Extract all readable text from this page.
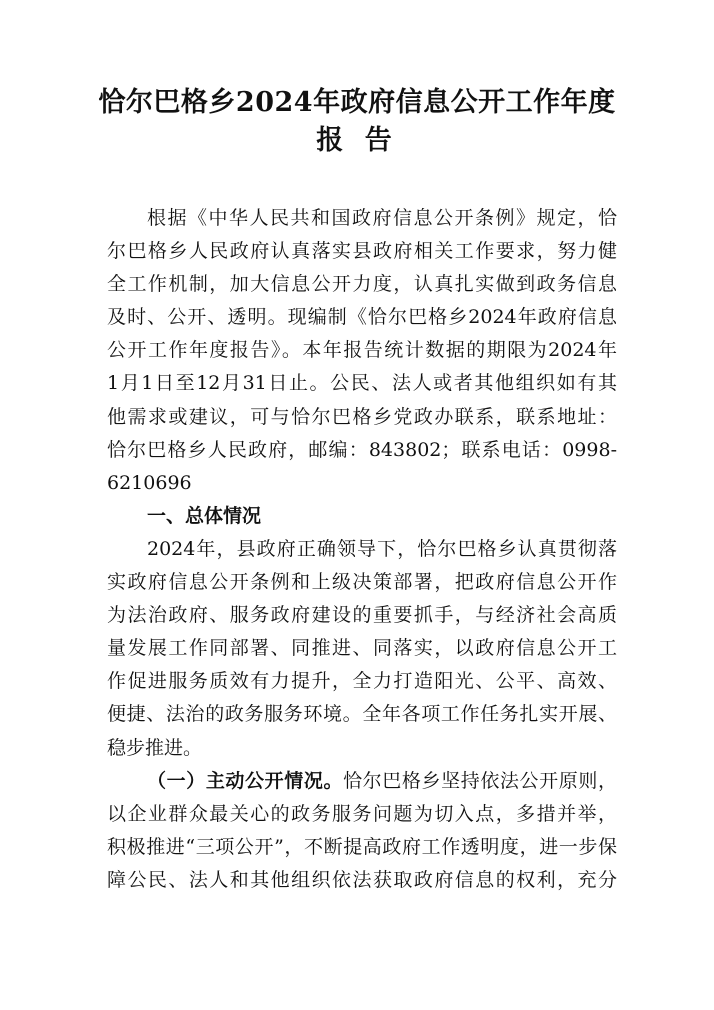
恰尔巴格乡2024年政府信息公开工作年度
报 告
根据《中华人民共和国政府信息公开条例》规定，恰
尔巴格乡人民政府认真落实县政府相关工作要求，努力健
全工作机制，加大信息公开力度，认真扎实做到政务信息
及时、公开、透明。现编制《恰尔巴格乡2024年政府信息
公开工作年度报告》。本年报告统计数据的期限为2024年
1月1日至12月31日止。公民、法人或者其他组织如有其
他需求或建议，可与恰尔巴格乡党政办联系，联系地址：
恰尔巴格乡人民政府，邮编：843802；联系电话：0998-
6210696
一、总体情况
2024年，县政府正确领导下，恰尔巴格乡认真贯彻落
实政府信息公开条例和上级决策部署，把政府信息公开作
为法治政府、服务政府建设的重要抓手，与经济社会高质
量发展工作同部署、同推进、同落实，以政府信息公开工
作促进服务质效有力提升，全力打造阳光、公平、高效、
便捷、法治的政务服务环境。全年各项工作任务扎实开展、
稳步推进。
（一）主动公开情况。恰尔巴格乡坚持依法公开原则，
以企业群众最关心的政务服务问题为切入点，多措并举，
积极推进“三项公开”，不断提高政府工作透明度，进一步保
障公民、法人和其他组织依法获取政府信息的权利，充分
